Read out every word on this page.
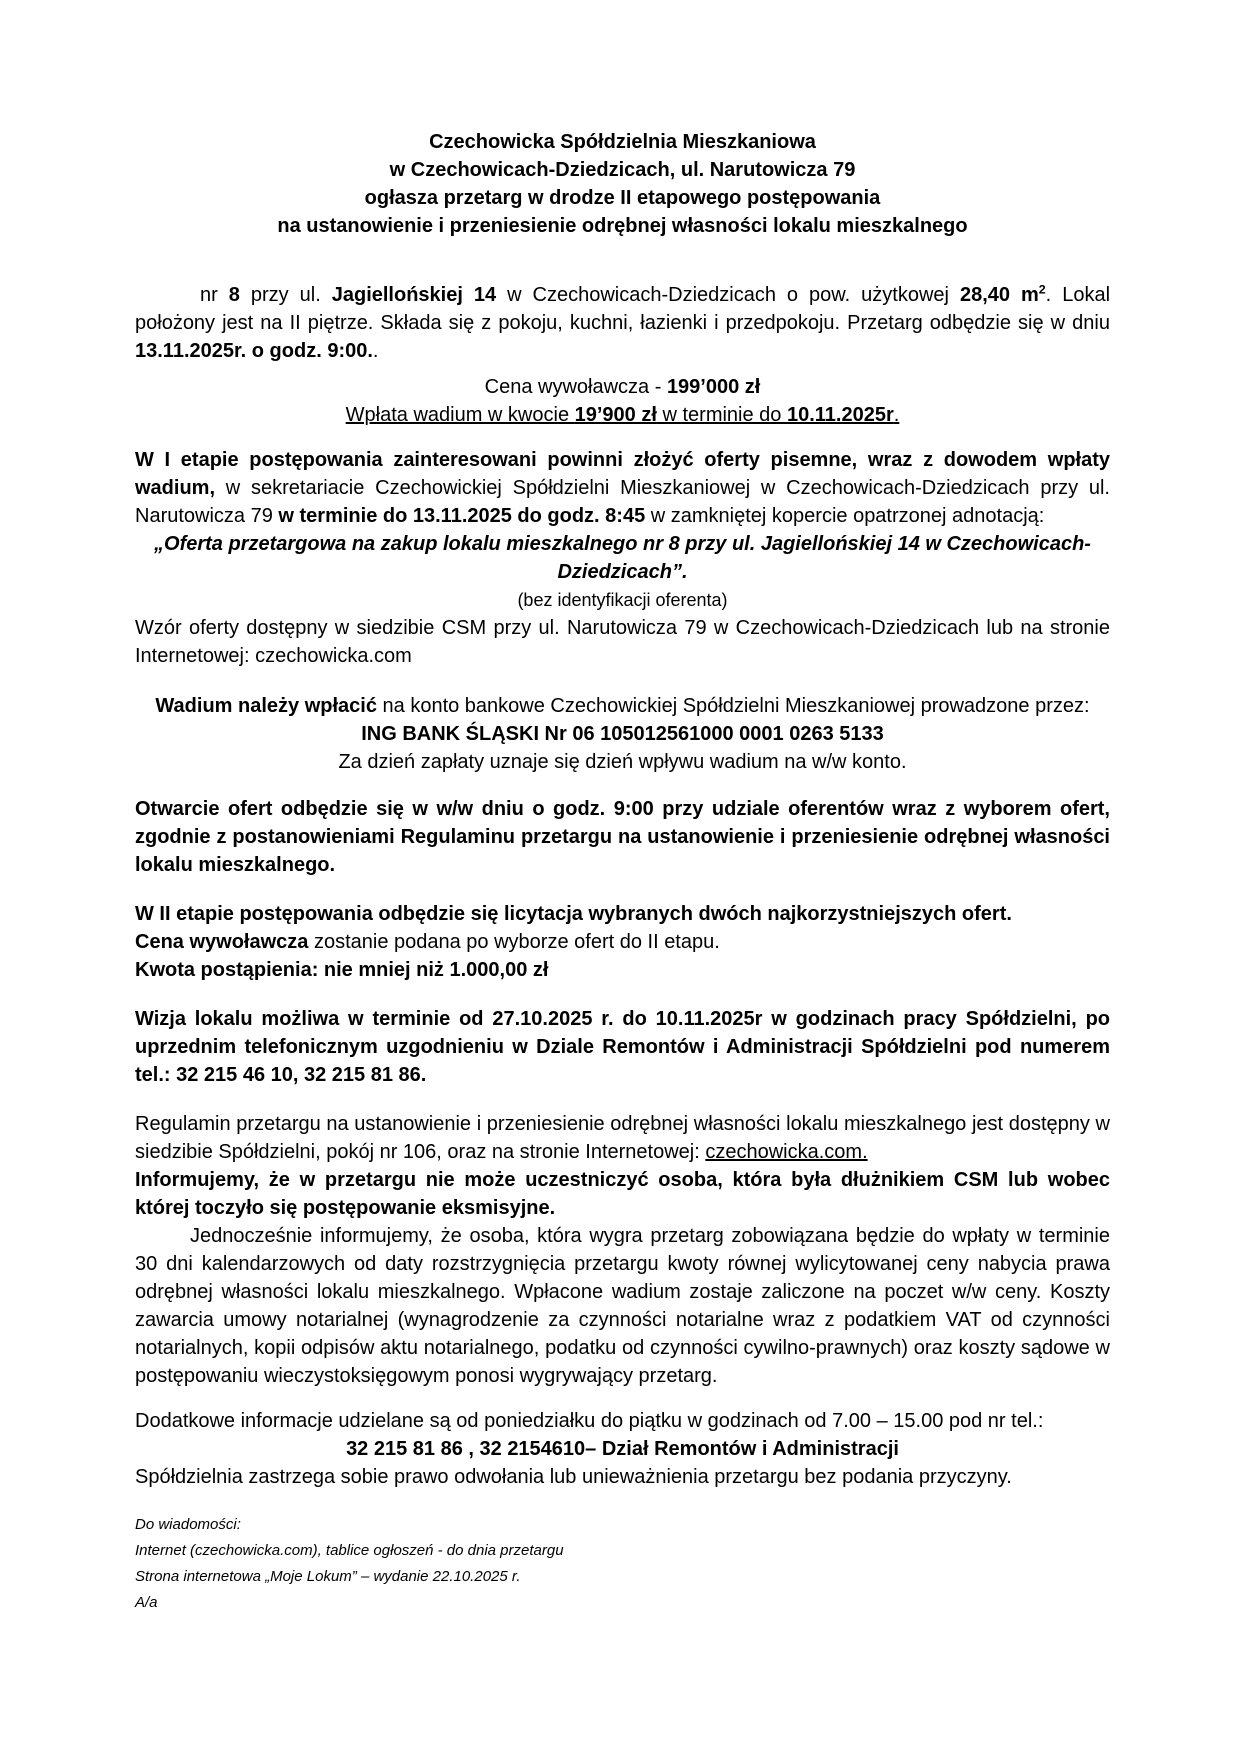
Czechowicka Spółdzielnia Mieszkaniowa

w Czechowicach-Dziedzicach, ul. Narutowicza 79

ogłasza przetarg w drodze II etapowego postępowania

na ustanowienie i przeniesienie odrębnej własności lokalu mieszkalnego

nr 8 przy ul. Jagiellońskiej 14 w Czechowicach-Dziedzicach o pow. użytkowej 28,40 $m^2$. Lokal położony jest na II piętrze. Składa się z pokoju, kuchni, łazienki i przedpokoju. Przetarg odbędzie się w dniu 13.11.2025r. o godz. 9:00..

Cena wywoławcza - 199’000 zł

Wpłata wadium w kwocie 19’900 zł w terminie do 10.11.2025r.

W I etapie postępowania zainteresowani powinni złożyć oferty pisemne, wraz z dowodem wpłaty wadium, w sekretariacie Czechowickiej Spółdzielni Mieszkaniowej w Czechowicach-Dziedzicach przy ul. Narutowicza 79 w terminie do 13.11.2025 do godz. 8:45 w zamkniętej kopercie opatrzonej adnotacją:

„Oferta przetargowa na zakup lokalu mieszkalnego nr 8 przy ul. Jagiellońskiej 14 w Czechowicach-Dziedzicach”.

(bez identyfikacji oferenta)

Wzór oferty dostępny w siedzibie CSM przy ul. Narutowicza 79 w Czechowicach-Dziedzicach lub na stronie Internetowej: czechowicka.com

Wadium należy wpłacić na konto bankowe Czechowickiej Spółdzielni Mieszkaniowej prowadzone przez:

ING BANK ŚLĄSKI Nr 06 105012561000 0001 0263 5133

Za dzień zapłaty uznaje się dzień wpływu wadium na w/w konto.

Otwarcie ofert odbędzie się w w/w dniu o godz. 9:00 przy udziale oferentów wraz z wyborem ofert, zgodnie z postanowieniami Regulaminu przetargu na ustanowienie i przeniesienie odrębnej własności lokalu mieszkalnego.

W II etapie postępowania odbędzie się licytacja wybranych dwóch najkorzystniejszych ofert.

Cena wywoławcza zostanie podana po wyborze ofert do II etapu.

Kwota postąpienia: nie mniej niż 1.000,00 zł

Wizja lokalu możliwa w terminie od 27.10.2025 r. do 10.11.2025r w godzinach pracy Spółdzielni, po uprzednim telefonicznym uzgodnieniu w Dziale Remontów i Administracji Spółdzielni pod numerem tel.: 32 215 46 10, 32 215 81 86.

Regulamin przetargu na ustanowienie i przeniesienie odrębnej własności lokalu mieszkalnego jest dostępny w siedzibie Spółdzielni, pokój nr 106, oraz na stronie Internetowej: czechowicka.com.

Informujemy, że w przetargu nie może uczestniczyć osoba, która była dłużnikiem CSM lub wobec której toczyło się postępowanie eksmisyjne.

Jednocześnie informujemy, że osoba, która wygra przetarg zobowiązana będzie do wpłaty w terminie 30 dni kalendarzowych od daty rozstrzygnięcia przetargu kwoty równej wylicytowanej ceny nabycia prawa odrębnej własności lokalu mieszkalnego. Wpłacone wadium zostaje zaliczone na poczet w/w ceny. Koszty zawarcia umowy notarialnej (wynagrodzenie za czynności notarialne wraz z podatkiem VAT od czynności notarialnych, kopii odpisów aktu notarialnego, podatku od czynności cywilno-prawnych) oraz koszty sądowe w postępowaniu wieczystoksięgowym ponosi wygrywający przetarg.

Dodatkowe informacje udzielane są od poniedziałku do piątku w godzinach od 7.00 – 15.00 pod nr tel.:

32 215 81 86 , 32 2154610– Dział Remontów i Administracji

Spółdzielnia zastrzega sobie prawo odwołania lub unieważnienia przetargu bez podania przyczyny.

Do wiadomości:

Internet (czechowicka.com), tablice ogłoszeń - do dnia przetargu

Strona internetowa „Moje Lokum” – wydanie 22.10.2025 r.

A/a
